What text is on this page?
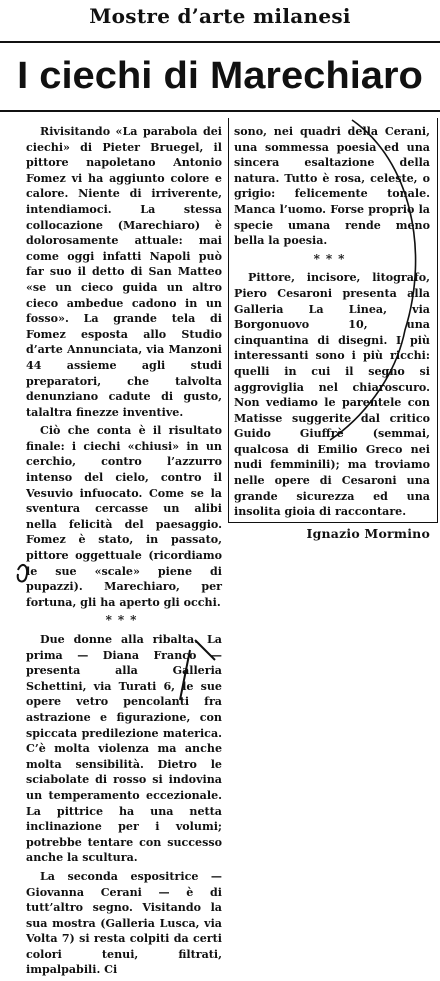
Mostre d’arte milanesi
I ciechi di Marechiaro

Rivisitando «La parabola dei ciechi» di Pieter Bruegel, il pittore napoletano Antonio Fomez vi ha aggiunto colore e calore. Niente di irriverente, intendiamoci. La stessa collocazione (Marechiaro) è dolorosamente attuale: mai come oggi infatti Napoli può far suo il detto di San Matteo «se un cieco guida un altro cieco ambedue cadono in un fosso». La grande tela di Fomez esposta allo Studio d’arte Annunciata, via Manzoni 44 assieme agli studi preparatori, che talvolta denunziano cadute di gusto, talaltra finezze inventive.

Ciò che conta è il risultato finale: i ciechi «chiusi» in un cerchio, contro l’azzurro intenso del cielo, contro il Vesuvio infuocato. Come se la sventura cercasse un alibi nella felicità del paesaggio. Fomez è stato, in passato, pittore oggettuale (ricordiamo le sue «scale» piene di pupazzi). Marechiaro, per fortuna, gli ha aperto gli occhi.

***

Due donne alla ribalta. La prima — Diana Franco — presenta alla Galleria Schettini, via Turati 6, le sue opere vetro pencolanti fra astrazione e figurazione, con spiccata predilezione materica. C’è molta violenza ma anche molta sensibilità. Dietro le sciabolate di rosso si indovina un temperamento eccezionale. La pittrice ha una netta inclinazione per i volumi; potrebbe tentare con successo anche la scultura.

La seconda espositrice — Giovanna Cerani — è di tutt’altro segno. Visitando la sua mostra (Galleria Lusca, via Volta 7) si resta colpiti da certi colori tenui, filtrati, impalpabili. Ci

sono, nei quadri della Cerani, una sommessa poesia ed una sincera esaltazione della natura. Tutto è rosa, celeste, o grigio: felicemente tonale. Manca l’uomo. Forse proprio la specie umana rende meno bella la poesia.

***

Pittore, incisore, litografo, Piero Cesaroni presenta alla Galleria La Linea, via Borgonuovo 10, una cinquantina di disegni. I più interessanti sono i più ricchi: quelli in cui il segno si aggroviglia nel chiaroscuro. Non vediamo le parentele con Matisse suggerite dal critico Guido Giuffrè (semmai, qualcosa di Emilio Greco nei nudi femminili); ma troviamo nelle opere di Cesaroni una grande sicurezza ed una insolita gioia di raccontare.

Ignazio Mormino
